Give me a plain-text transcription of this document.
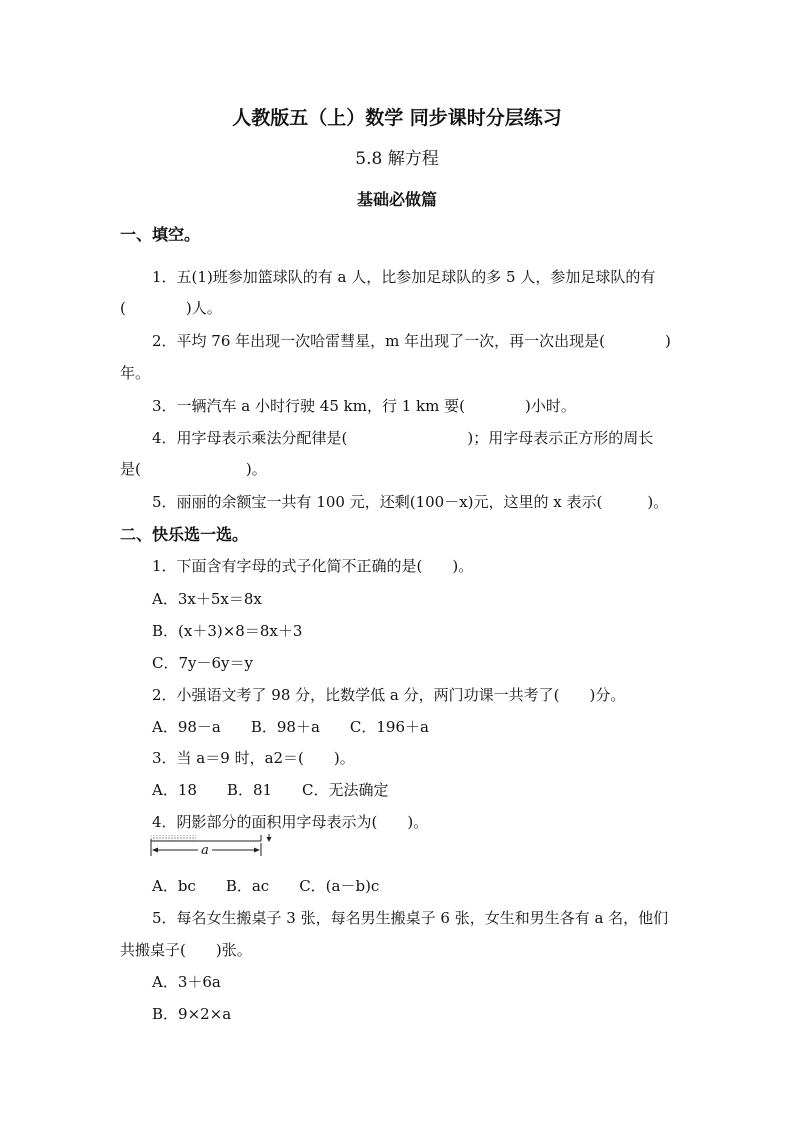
人教版五（上）数学 同步课时分层练习
5.8 解方程
基础必做篇
一、填空。
1．五(1)班参加篮球队的有 a 人，比参加足球队的多 5 人，参加足球队的有
(　　　　)人。
2．平均 76 年出现一次哈雷彗星，m 年出现了一次，再一次出现是(　　　　)
年。
3．一辆汽车 a 小时行驶 45 km，行 1 km 要(　　　　)小时。
4．用字母表示乘法分配律是(　　　　　　　　)；用字母表示正方形的周长
是(　　　　　　　)。
5．丽丽的余额宝一共有 100 元，还剩(100－x)元，这里的 x 表示(　　　)。
二、快乐选一选。
1．下面含有字母的式子化简不正确的是(　　)。
A．3x＋5x＝8x
B．(x＋3)×8＝8x＋3
C．7y－6y＝y
2．小强语文考了 98 分，比数学低 a 分，两门功课一共考了(　　)分。
A．98－a　　B．98＋a　　C．196＋a
3．当 a＝9 时，a2＝(　　)。
A．18　　B．81　　C．无法确定
4．阴影部分的面积用字母表示为(　　)。
a
A．bc　　B．ac　　C．(a－b)c
5．每名女生搬桌子 3 张，每名男生搬桌子 6 张，女生和男生各有 a 名，他们
共搬桌子(　　)张。
A．3＋6a
B．9×2×a
